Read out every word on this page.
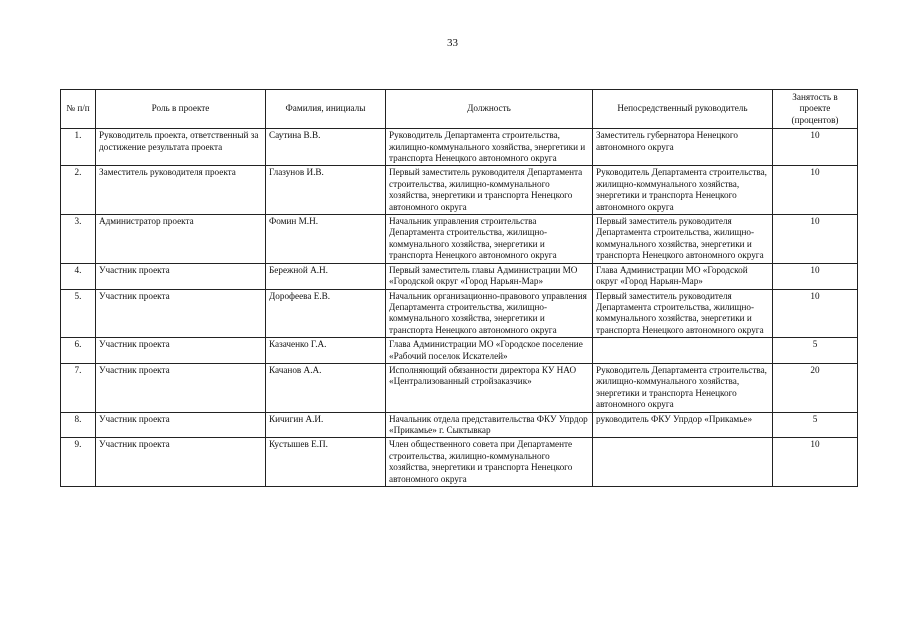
33
№ п/п	Роль в проекте	Фамилия, инициалы	Должность	Непосредственный руководитель	Занятость в проекте (процентов)
1.	Руководитель проекта, ответственный за достижение результата проекта	Саутина В.В.	Руководитель Департамента строительства, жилищно-коммунального хозяйства, энергетики и транспорта Ненецкого автономного округа	Заместитель губернатора Ненецкого автономного округа	10
2.	Заместитель руководителя проекта	Глазунов И.В.	Первый заместитель руководителя Департамента строительства, жилищно-коммунального хозяйства, энергетики и транспорта Ненецкого автономного округа	Руководитель Департамента строительства, жилищно-коммунального хозяйства, энергетики и транспорта Ненецкого автономного округа	10
3.	Администратор проекта	Фомин М.Н.	Начальник управления строительства Департамента строительства, жилищно-коммунального хозяйства, энергетики и транспорта Ненецкого автономного округа	Первый заместитель руководителя Департамента строительства, жилищно-коммунального хозяйства, энергетики и транспорта Ненецкого автономного округа	10
4.	Участник проекта	Бережной А.Н.	Первый заместитель главы Администрации МО «Городской округ «Город Нарьян-Мар»	Глава Администрации МО «Городской округ «Город Нарьян-Мар»	10
5.	Участник проекта	Дорофеева Е.В.	Начальник организационно-правового управления Департамента строительства, жилищно-коммунального хозяйства, энергетики и транспорта Ненецкого автономного округа	Первый заместитель руководителя Департамента строительства, жилищно-коммунального хозяйства, энергетики и транспорта Ненецкого автономного округа	10
6.	Участник проекта	Казаченко Г.А.	Глава Администрации МО «Городское поселение «Рабочий поселок Искателей»		5
7.	Участник проекта	Качанов А.А.	Исполняющий обязанности директора КУ НАО «Централизованный стройзаказчик»	Руководитель Департамента строительства, жилищно-коммунального хозяйства, энергетики и транспорта Ненецкого автономного округа	20
8.	Участник проекта	Кичигин А.И.	Начальник отдела представительства ФКУ Упрдор «Прикамье» г. Сыктывкар	руководитель ФКУ Упрдор «Прикамье»	5
9.	Участник проекта	Кустышев Е.П.	Член общественного совета при Департаменте строительства, жилищно-коммунального хозяйства, энергетики и транспорта Ненецкого автономного округа		10
